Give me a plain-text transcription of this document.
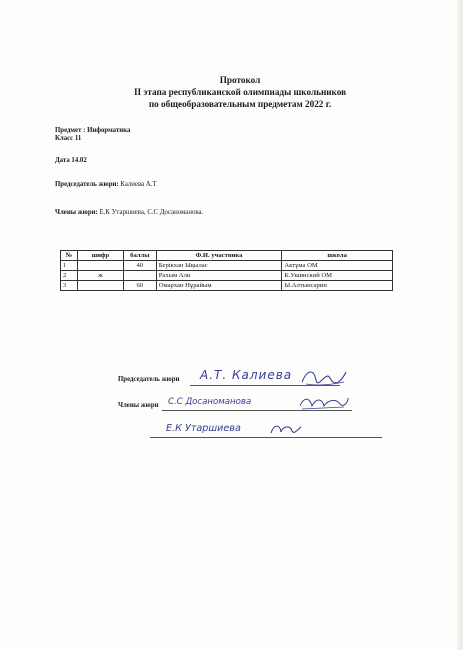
Протокол
II этапа республиканской олимпиады школьников
по общеобразовательным предметам 2022 г.
Предмет : Информатика
Класс 11
Дата 14.02
Председатель жюри: Калиева А.Т
Члены жюри: Е.К Утаршиева, С.С Досаномaнова.
№	шифр	баллы	Ф.И. участника	школа
1		40	Берікхан Ықылас	Актұма ОМ
2	ж		Рахым Али	К.Ушинский ОМ
3		60	Омархан Нұрайым	Ы.Алтынсарин
Председатель жюри
Члены жюри
А.Т. Калиева
С.С Досаномaнова
Е.К Утаршиева
